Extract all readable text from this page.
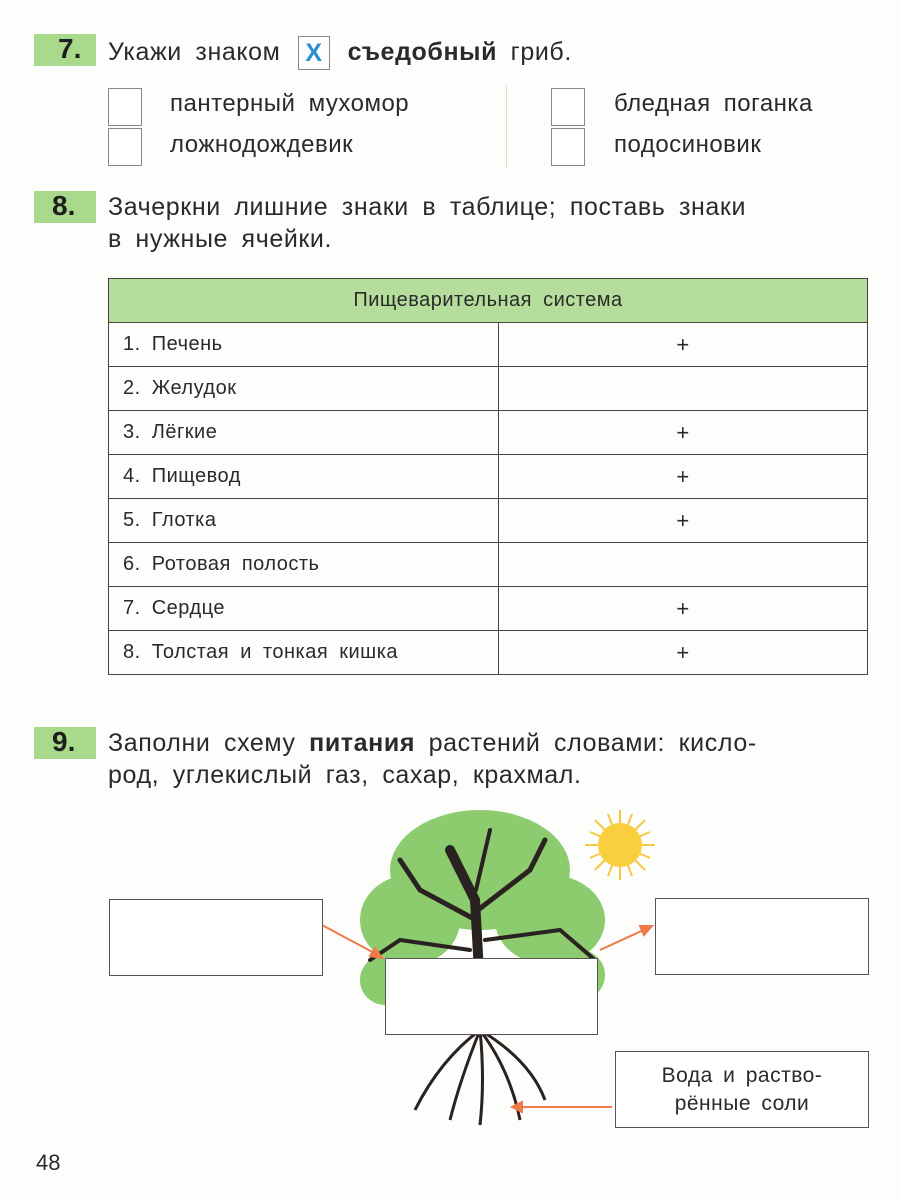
7. Укажи знаком X съедобный гриб.
пантерный мухомор
ложнодождевик
бледная поганка
подосиновик
8. Зачеркни лишние знаки в таблице; поставь знаки
в нужные ячейки.
Пищеварительная система	
1. Печень	+
2. Желудок	
3. Лёгкие	+
4. Пищевод	+
5. Глотка	+
6. Ротовая полость	
7. Сердце	+
8. Толстая и тонкая кишка	+
9. Заполни схему питания растений словами: кисло-
род, углекислый газ, сахар, крахмал.
Вода и раство-
рённые соли
48
